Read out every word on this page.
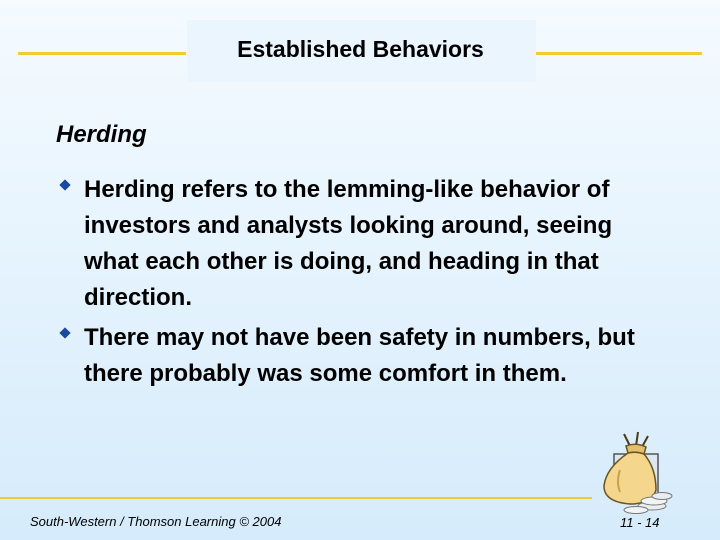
Established Behaviors
Herding

Herding refers to the lemming-like behavior of investors and analysts looking around, seeing what each other is doing, and heading in that direction.

There may not have been safety in numbers, but there probably was some comfort in them.

South-Western / Thomson Learning © 2004	11 - 14
